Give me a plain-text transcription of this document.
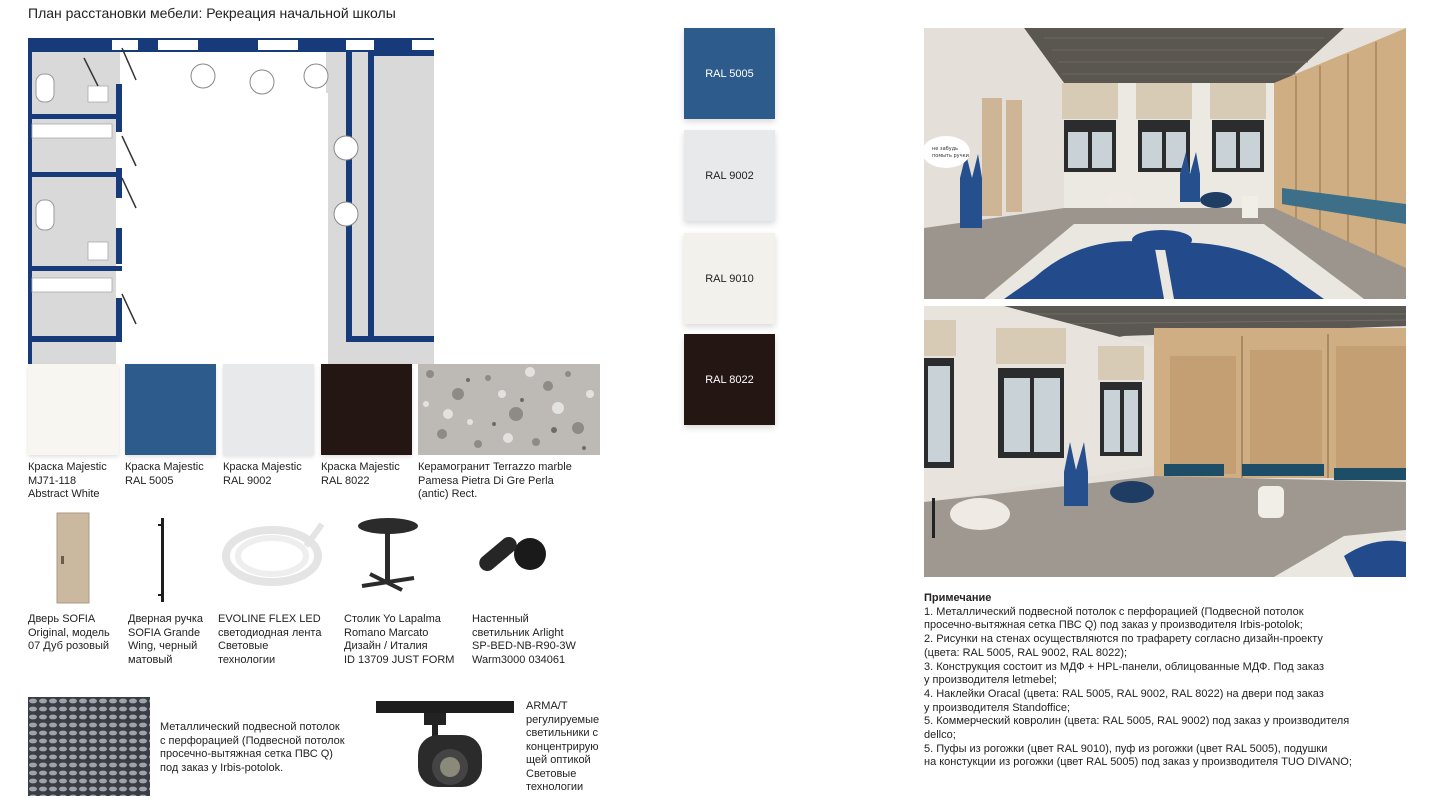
План расстановки мебели: Рекреация начальной школы
Краска Majestic
MJ71-118
Abstract White
Краска Majestic
RAL 5005
Краска Majestic
RAL 9002
Краска Majestic
RAL 8022
Керамогранит Terrazzo marble
Pamesa Pietra Di Gre Perla
(antic) Rect.
Дверь SOFIA
Original, модель
07 Дуб розовый
Дверная ручка
SOFIA Grande
Wing, черный
матовый
EVOLINE FLEX LED
светодиодная лента
Световые
технологии
Столик Yo Lapalma
Romano Marcato
Дизайн / Италия
ID 13709 JUST FORM
Настенный
светильник Arlight
SP-BED-NB-R90-3W
Warm3000 034061
Металлический подвесной потолок
с перфорацией (Подвесной потолок
просечно-вытяжная сетка ПВС Q)
под заказ у Irbis-potolok.
ARMA/T
регулируемые
светильники с
концентрирую
щей оптикой
Световые
технологии
RAL 5005
RAL 9002
RAL 9010
RAL 8022
не забудь помыть ручки
Примечание
1. Металлический подвесной потолок с перфорацией (Подвесной потолок
просечно-вытяжная сетка ПВС Q) под заказ у производителя Irbis-potolok;
2. Рисунки на стенах осуществляются по трафарету согласно дизайн-проекту
(цвета: RAL 5005, RAL 9002, RAL 8022);
3. Конструкция состоит из МДФ + HPL-панели, облицованные МДФ. Под заказ
у производителя letmebel;
4. Наклейки Oracal (цвета: RAL 5005, RAL 9002, RAL 8022) на двери под заказ
у производителя Standoffice;
5. Коммерческий ковролин (цвета: RAL 5005, RAL 9002) под заказ у производителя
dellco;
5. Пуфы из рогожки (цвет RAL 9010), пуф из рогожки (цвет RAL 5005), подушки
на констукции из рогожки (цвет RAL 5005) под заказ у производителя TUO DIVANO;
